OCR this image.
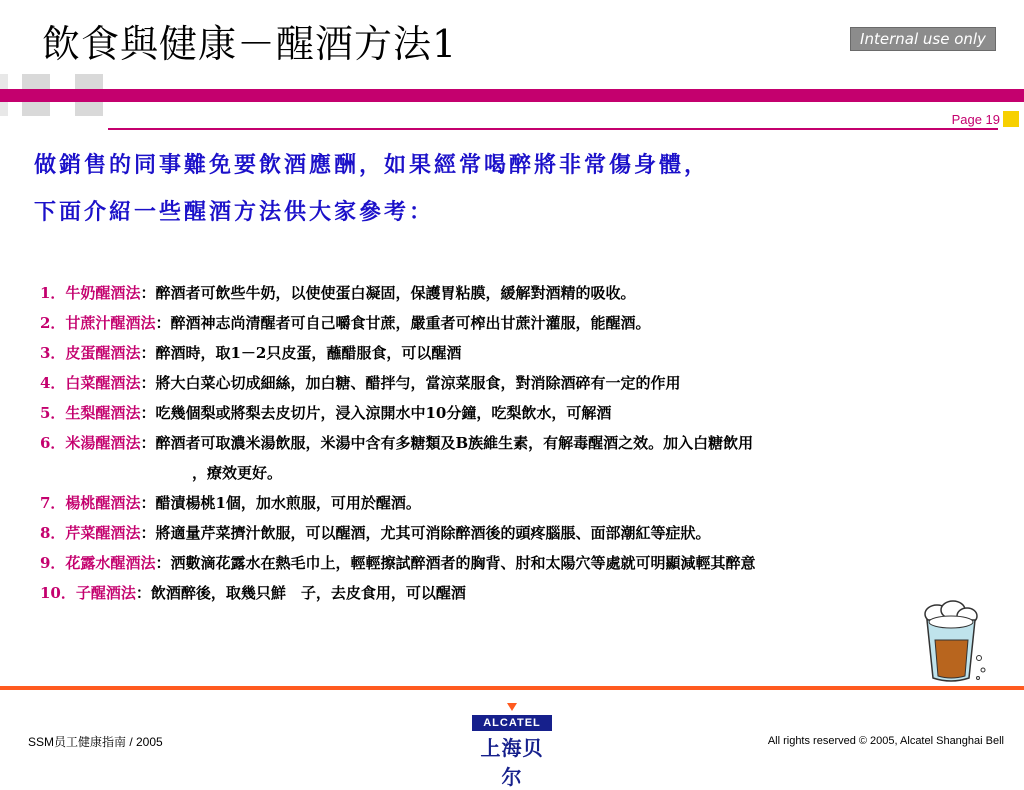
飲食與健康－醒酒方法1	Internal use only
Page 19
做銷售的同事難免要飲酒應酬，如果經常喝醉將非常傷身體，
下面介紹一些醒酒方法供大家參考：
1．牛奶醒酒法：醉酒者可飲些牛奶，以使使蛋白凝固，保護胃粘膜，緩解對酒精的吸收。
2．甘蔗汁醒酒法：醉酒神志尚清醒者可自己嚼食甘蔗，嚴重者可榨出甘蔗汁灌服，能醒酒。
3．皮蛋醒酒法：醉酒時，取1－2只皮蛋，蘸醋服食，可以醒酒
4．白菜醒酒法：將大白菜心切成細絲，加白糖、醋拌勻，當涼菜服食，對消除酒碎有一定的作用
5．生梨醒酒法：吃幾個梨或將梨去皮切片，浸入涼開水中10分鐘，吃梨飲水，可解酒
6．米湯醒酒法：醉酒者可取濃米湯飲服，米湯中含有多糖類及B族維生素，有解毒醒酒之效。加入白糖飲用
，療效更好。
7．楊桃醒酒法：醋漬楊桃1個，加水煎服，可用於醒酒。
8．芹菜醒酒法：將適量芹菜擠汁飲服，可以醒酒，尤其可消除醉酒後的頭疼腦脹、面部潮紅等症狀。
9．花露水醒酒法：洒數滴花露水在熱毛巾上，輕輕擦試醉酒者的胸背、肘和太陽穴等處就可明顯減輕其醉意
10．子醒酒法：飲酒醉後，取幾只鮮　子，去皮食用，可以醒酒
SSM员工健康指南 / 2005
ALCATEL
上海贝尔
All rights reserved © 2005, Alcatel Shanghai Bell
